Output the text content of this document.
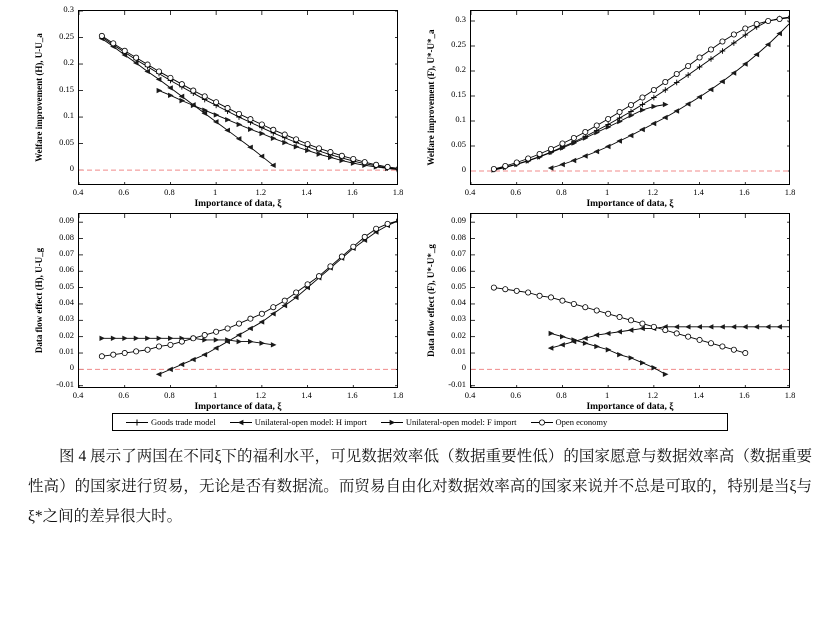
0
0.05
0.1
0.15
0.2
0.25
0.3
0.4	0.6	0.8	1	1.2	1.4	1.6	1.8
Importance of data, ξ
Welfare improvement (H), U-U_a
0
0.05
0.1
0.15
0.2
0.25
0.3
0.4	0.6	0.8	1	1.2	1.4	1.6	1.8
Importance of data, ξ
Welfare improvement (F), U*-U*_a
-0.01
0
0.01
0.02
0.03
0.04
0.05
0.06
0.07
0.08
0.09
0.4	0.6	0.8	1	1.2	1.4	1.6	1.8
Importance of data, ξ
Data flow effect (H), U-U_g
-0.01
0
0.01
0.02
0.03
0.04
0.05
0.06
0.07
0.08
0.09
0.4	0.6	0.8	1	1.2	1.4	1.6	1.8
Importance of data, ξ
Data flow effect (F), U*-U*_g
Goods trade model	Unilateral-open model: H import	Unilateral-open model: F import	Open economy

图 4 展示了两国在不同ξ下的福利水平，可见数据效率低（数据重要性低）的国家愿意与数据效率高（数据重要性高）的国家进行贸易，无论是否有数据流。而贸易自由化对数据效率高的国家来说并不总是可取的，特别是当ξ与ξ*之间的差异很大时。
